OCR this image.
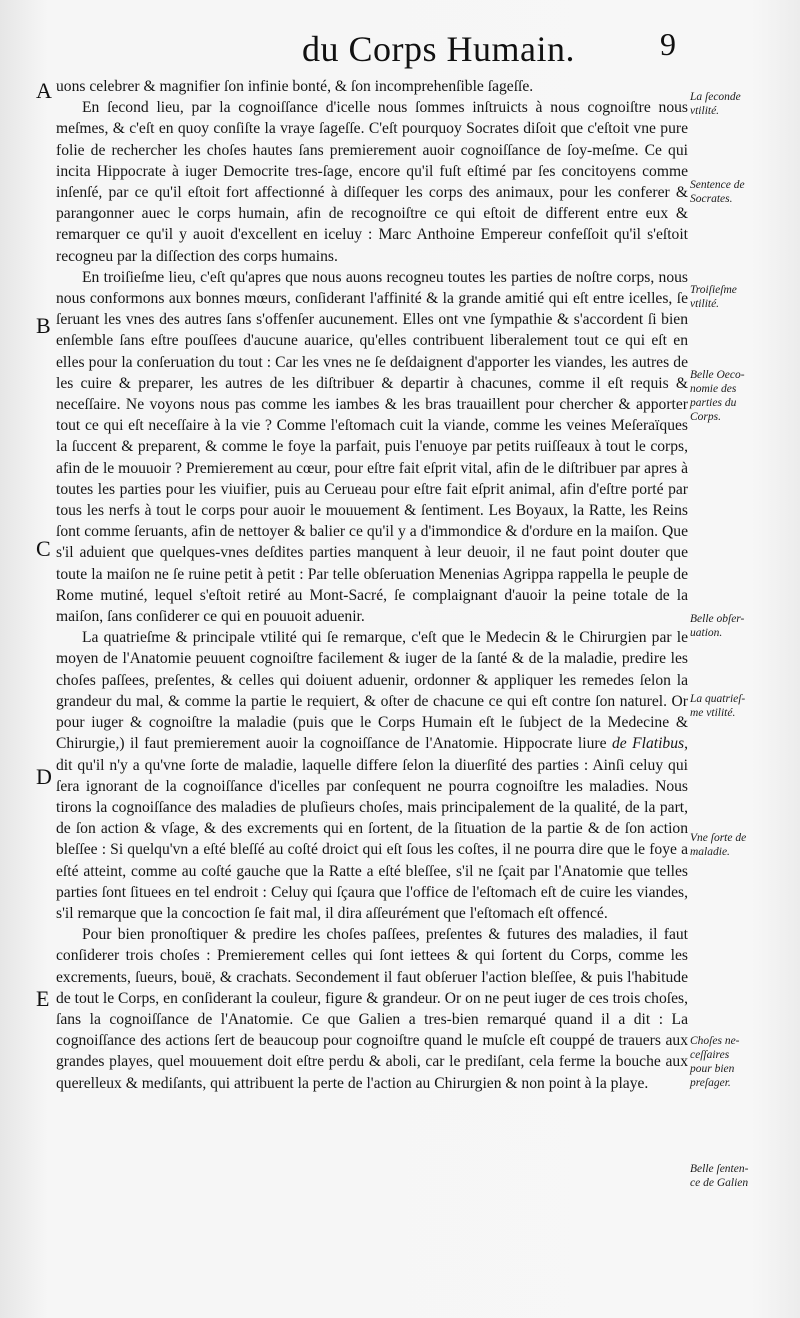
du Corps Humain.	9
A
B
C
D
E

uons celebrer & magnifier ſon infinie bonté, & ſon incomprehenſible ſageſſe.

En ſecond lieu, par la cognoiſſance d'icelle nous ſommes inſtruicts à nous cognoiſtre nous meſmes, & c'eſt en quoy conſiſte la vraye ſageſſe. C'eſt pourquoy Socrates diſoit que c'eſtoit vne pure folie de rechercher les choſes hautes ſans premierement auoir cognoiſſance de ſoy-meſme. Ce qui incita Hippocrate à iuger Democrite tres-ſage, encore qu'il fuſt eſtimé par ſes concitoyens comme inſenſé, par ce qu'il eſtoit fort affectionné à diſſequer les corps des animaux, pour les conferer & parangonner auec le corps humain, afin de recognoiſtre ce qui eſtoit de different entre eux & remarquer ce qu'il y auoit d'excellent en iceluy : Marc Anthoine Empereur confeſſoit qu'il s'eſtoit recogneu par la diſſection des corps humains.

En troiſieſme lieu, c'eſt qu'apres que nous auons recogneu toutes les parties de noſtre corps, nous nous conformons aux bonnes mœurs, conſiderant l'affinité & la grande amitié qui eſt entre icelles, ſe ſeruant les vnes des autres ſans s'offenſer aucunement. Elles ont vne ſympathie & s'accordent ſi bien enſemble ſans eſtre pouſſees d'aucune auarice, qu'elles contribuent liberalement tout ce qui eſt en elles pour la conſeruation du tout : Car les vnes ne ſe deſdaignent d'apporter les viandes, les autres de les cuire & preparer, les autres de les diſtribuer & departir à chacunes, comme il eſt requis & neceſſaire. Ne voyons nous pas comme les iambes & les bras trauaillent pour chercher & apporter tout ce qui eſt neceſſaire à la vie ? Comme l'eſtomach cuit la viande, comme les veines Meſeraïques la ſuccent & preparent, & comme le foye la parfait, puis l'enuoye par petits ruiſſeaux à tout le corps, afin de le mouuoir ? Premierement au cœur, pour eſtre fait eſprit vital, afin de le diſtribuer par apres à toutes les parties pour les viuifier, puis au Cerueau pour eſtre fait eſprit animal, afin d'eſtre porté par tous les nerfs à tout le corps pour auoir le mouuement & ſentiment. Les Boyaux, la Ratte, les Reins ſont comme ſeruants, afin de nettoyer & balier ce qu'il y a d'immondice & d'ordure en la maiſon. Que s'il aduient que quelques-vnes deſdites parties manquent à leur deuoir, il ne faut point douter que toute la maiſon ne ſe ruine petit à petit : Par telle obſeruation Menenias Agrippa rappella le peuple de Rome mutiné, lequel s'eſtoit retiré au Mont-Sacré, ſe complaignant d'auoir la peine totale de la maiſon, ſans conſiderer ce qui en pouuoit aduenir.

La quatrieſme & principale vtilité qui ſe remarque, c'eſt que le Medecin & le Chirurgien par le moyen de l'Anatomie peuuent cognoiſtre facilement & iuger de la ſanté & de la maladie, predire les choſes paſſees, preſentes, & celles qui doiuent aduenir, ordonner & appliquer les remedes ſelon la grandeur du mal, & comme la partie le requiert, & oſter de chacune ce qui eſt contre ſon naturel. Or pour iuger & cognoiſtre la maladie (puis que le Corps Humain eſt le ſubject de la Medecine & Chirurgie,) il faut premierement auoir la cognoiſſance de l'Anatomie. Hippocrate liure de Flatibus, dit qu'il n'y a qu'vne ſorte de maladie, laquelle differe ſelon la diuerſité des parties : Ainſi celuy qui ſera ignorant de la cognoiſſance d'icelles par conſequent ne pourra cognoiſtre les maladies. Nous tirons la cognoiſſance des maladies de pluſieurs choſes, mais principalement de la qualité, de la part, de ſon action & vſage, & des excrements qui en ſortent, de la ſituation de la partie & de ſon action bleſſee : Si quelqu'vn a eſté bleſſé au coſté droict qui eſt ſous les coſtes, il ne pourra dire que le foye a eſté atteint, comme au coſté gauche que la Ratte a eſté bleſſee, s'il ne ſçait par l'Anatomie que telles parties ſont ſituees en tel endroit : Celuy qui ſçaura que l'office de l'eſtomach eſt de cuire les viandes, s'il remarque que la concoction ſe fait mal, il dira aſſeurément que l'eſtomach eſt offencé.

Pour bien pronoſtiquer & predire les choſes paſſees, preſentes & futures des maladies, il faut conſiderer trois choſes : Premierement celles qui ſont iettees & qui ſortent du Corps, comme les excrements, ſueurs, bouë, & crachats. Secondement il faut obſeruer l'action bleſſee, & puis l'habitude de tout le Corps, en conſiderant la couleur, figure & grandeur. Or on ne peut iuger de ces trois choſes, ſans la cognoiſſance de l'Anatomie. Ce que Galien a tres-bien remarqué quand il a dit : La cognoiſſance des actions ſert de beaucoup pour cognoiſtre quand le muſcle eſt couppé de trauers aux grandes playes, quel mouuement doit eſtre perdu & aboli, car le prediſant, cela ferme la bouche aux querelleux & mediſants, qui attribuent la perte de l'action au Chirurgien & non point à la playe.

La ſeconde
vtilité.
Sentence de
Socrates.
Troiſieſme
vtilité.
Belle Oeco-
nomie des
parties du
Corps.
Belle obſer-
uation.
La quatrieſ-
me vtilité.
Vne ſorte de
maladie.
Choſes ne-
ceſſaires
pour bien
preſager.
Belle ſenten-
ce de Galien
